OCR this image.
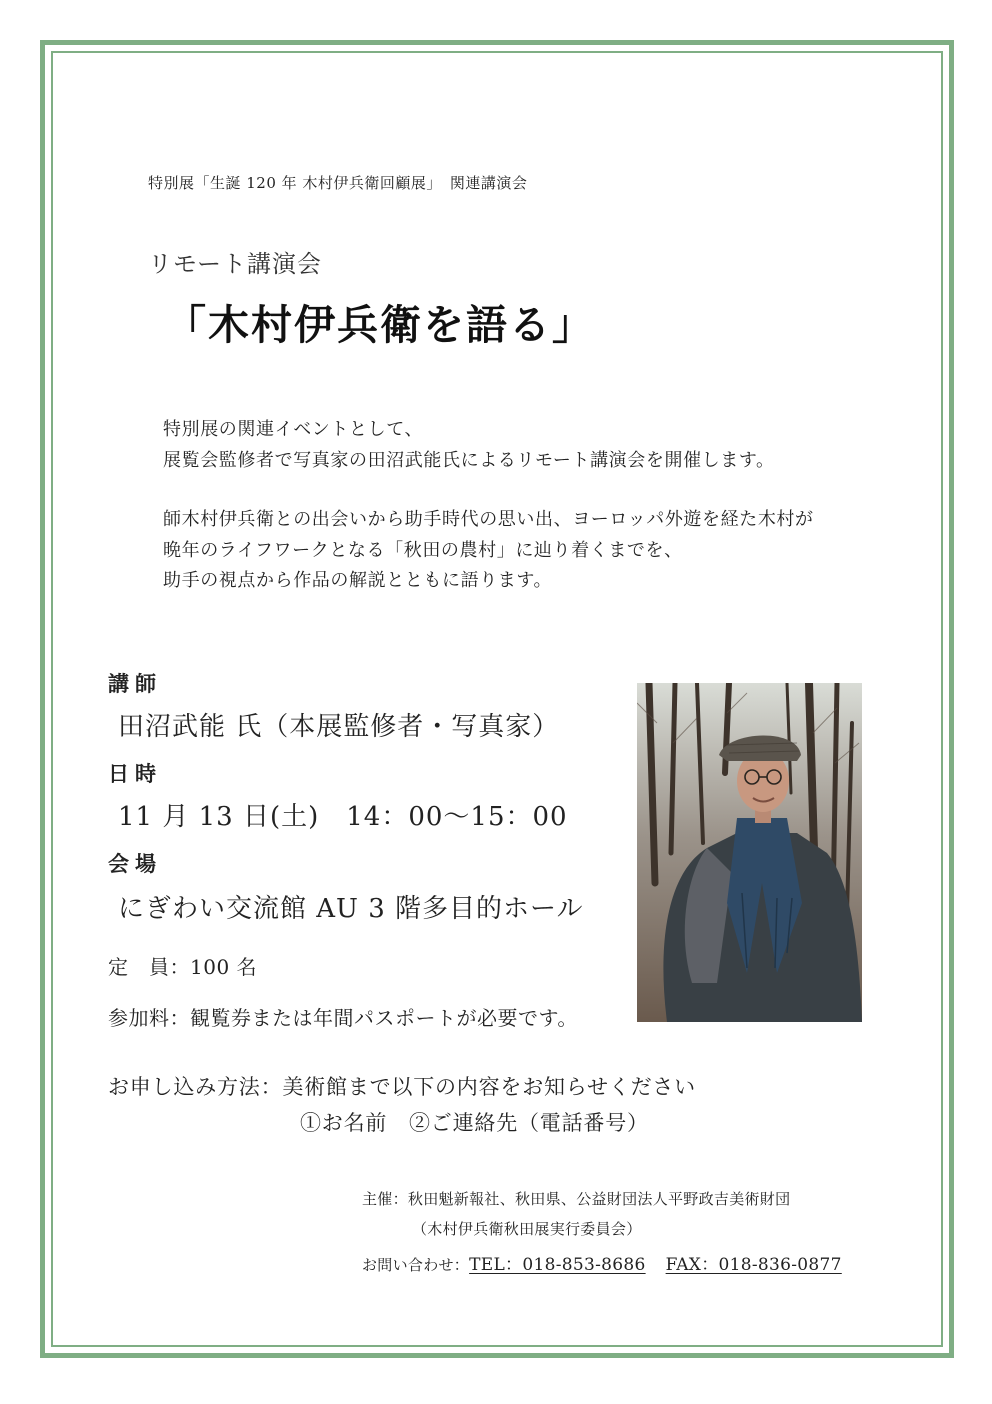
特別展「生誕 120 年 木村伊兵衛回顧展」　関連講演会
リモート講演会
「木村伊兵衛を語る」
特別展の関連イベントとして、
展覧会監修者で写真家の田沼武能氏によるリモート講演会を開催します。
師木村伊兵衛との出会いから助手時代の思い出、ヨーロッパ外遊を経た木村が
晩年のライフワークとなる「秋田の農村」に辿り着くまでを、
助手の視点から作品の解説とともに語ります。
講師
田沼武能 氏（本展監修者・写真家）
日時
11 月 13 日(土)　14：00〜15：00
会場
にぎわい交流館 AU 3 階多目的ホール
定　員：100 名
参加料：観覧券または年間パスポートが必要です。
お申し込み方法：美術館まで以下の内容をお知らせください
①お名前　②ご連絡先（電話番号）
主催：秋田魁新報社、秋田県、公益財団法人平野政吉美術財団
（木村伊兵衛秋田展実行委員会）
お問い合わせ：TEL：018-853-8686 FAX：018-836-0877
